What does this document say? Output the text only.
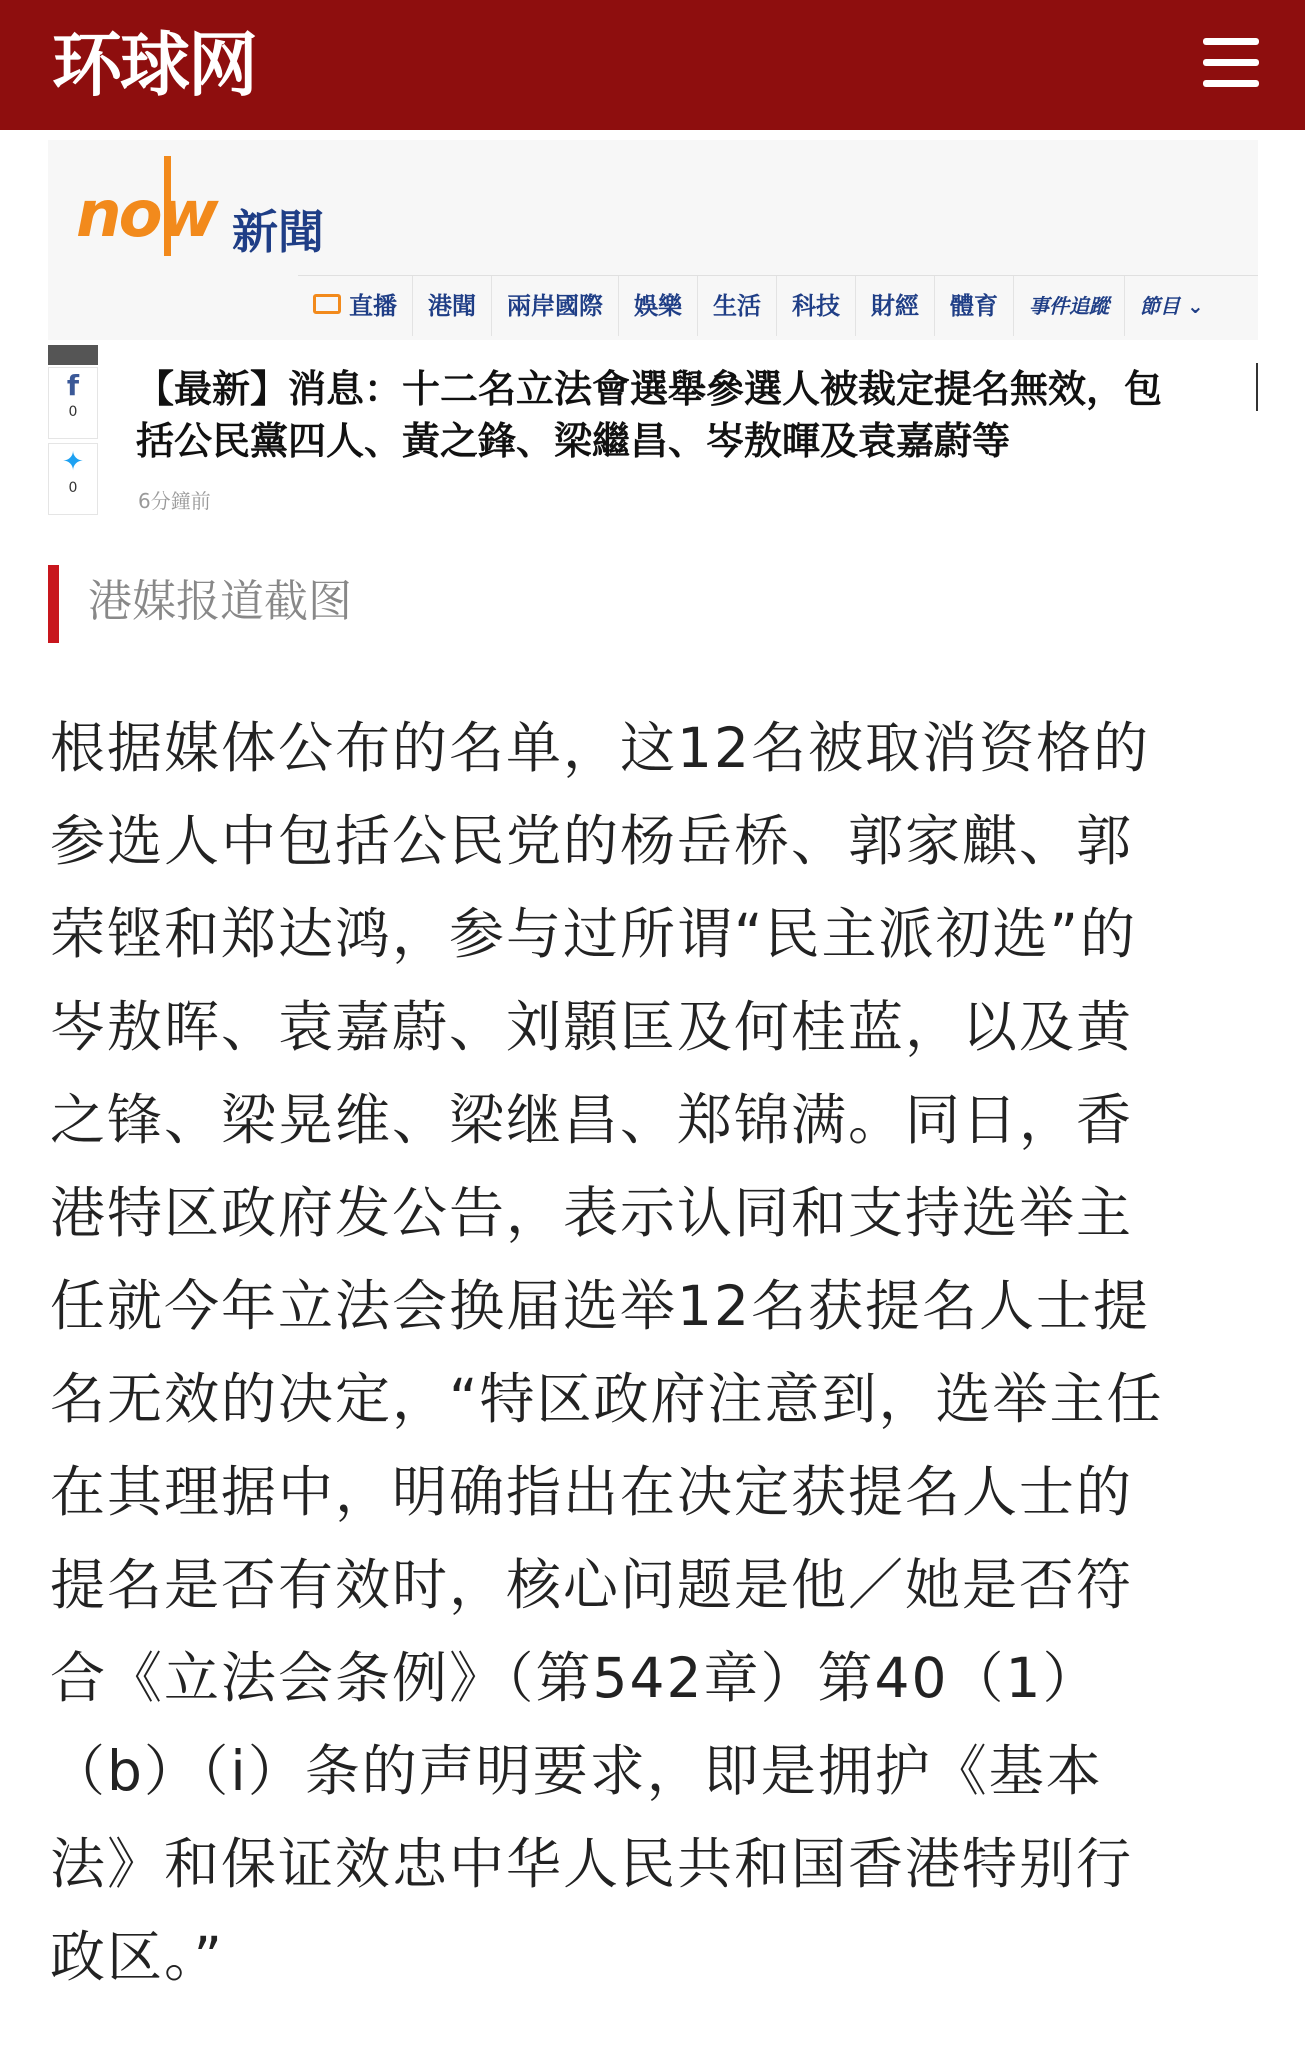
环球网
now 新聞
直播	港聞	兩岸國際	娛樂	生活	科技	財經	體育	事件追蹤	節目 ⌄
f
0
✦
0
【最新】消息：十二名立法會選舉參選人被裁定提名無效，包
括公民黨四人、黃之鋒、梁繼昌、岑敖暉及袁嘉蔚等
6分鐘前
港媒报道截图
根据媒体公布的名单，这12名被取消资格的
参选人中包括公民党的杨岳桥、郭家麒、郭
荣铿和郑达鸿，参与过所谓“民主派初选”的
岑敖晖、袁嘉蔚、刘顥匡及何桂蓝，以及黄
之锋、梁晃维、梁继昌、郑锦满。同日，香
港特区政府发公告，表示认同和支持选举主
任就今年立法会换届选举12名获提名人士提
名无效的决定，“特区政府注意到，选举主任
在其理据中，明确指出在决定获提名人士的
提名是否有效时，核心问题是他／她是否符
合《立法会条例》（第542章）第40（1）
（b）（i）条的声明要求，即是拥护《基本
法》和保证效忠中华人民共和国香港特别行
政区。”
